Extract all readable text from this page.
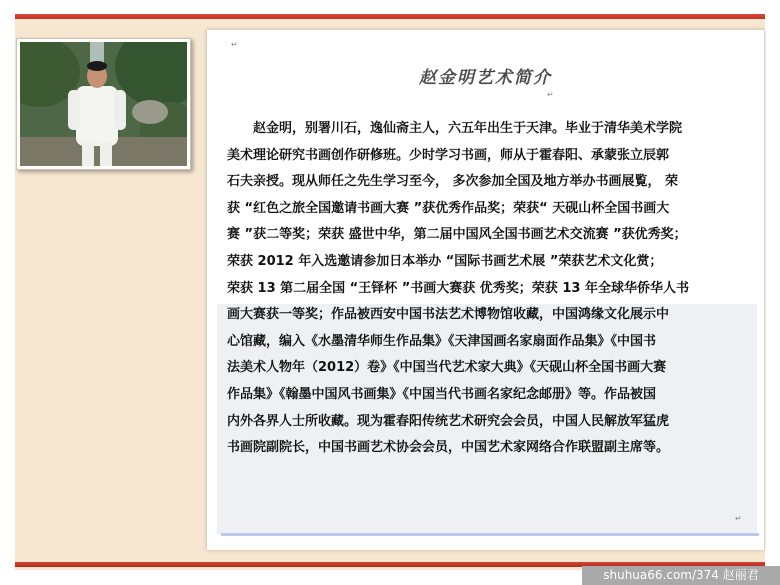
↵
↵
赵金明艺术简介
赵金明，别署川石，逸仙斋主人，六五年出生于天津。毕业于清华美术学院
美术理论研究书画创作研修班。少时学习书画，师从于霍春阳、承蒙张立辰郭
石夫亲授。现从师任之先生学习至今， 多次参加全国及地方举办书画展覧， 荣
获 “红色之旅全国邀请书画大赛 ”获优秀作品奖；荣获“ 天砚山杯全国书画大
赛 ”获二等奖；荣获 盛世中华，第二届中国风全国书画艺术交流赛 ”获优秀奖；
荣获 2012 年入选邀请参加日本举办 “国际书画艺术展 ”荣获艺术文化赏；
荣获 13 第二届全国 “王铎杯 ”书画大赛获 优秀奖；荣获 13 年全球华侨华人书
画大赛获一等奖；作品被西安中国书法艺术博物馆收藏，中国鸿缘文化展示中
心馆藏，编入《水墨清华师生作品集》《天津国画名家扇面作品集》《中国书
法美术人物年（2012）卷》《中国当代艺术家大典》《天砚山杯全国书画大赛
作品集》《翰墨中国风书画集》《中国当代书画名家纪念邮册》等。作品被国
内外各界人士所收藏。现为霍春阳传统艺术研究会会员，中国人民解放军猛虎
书画院副院长，中国书画艺术协会会员，中国艺术家网络合作联盟副主席等。
↵
shuhua66.com/374 赵丽君
